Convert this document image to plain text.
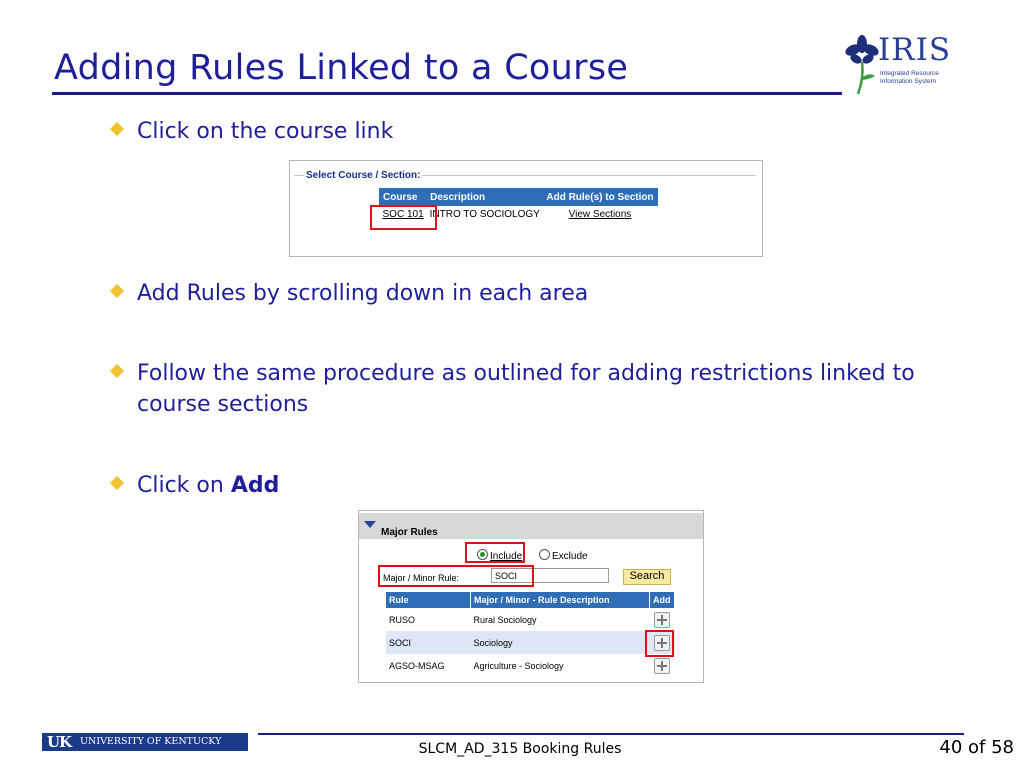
Adding Rules Linked to a Course	IRIS
Integrated Resource
Information System
Click on the course link
Select Course / Section:
Course	Description	Add Rule(s) to Section
SOC 101	INTRO TO SOCIOLOGY	View Sections
Add Rules by scrolling down in each area
Follow the same procedure as outlined for adding restrictions linked to course sections
Click on Add
Major Rules
Include	Exclude
Major / Minor Rule:
SOCI	Search
Rule	Major / Minor - Rule Description	Add
RUSO	Rural Sociology	
SOCI	Sociology	
AGSO-MSAG	Agriculture - Sociology	
UK UNIVERSITY OF KENTUCKY	SLCM_AD_315 Booking Rules	40 of 58
